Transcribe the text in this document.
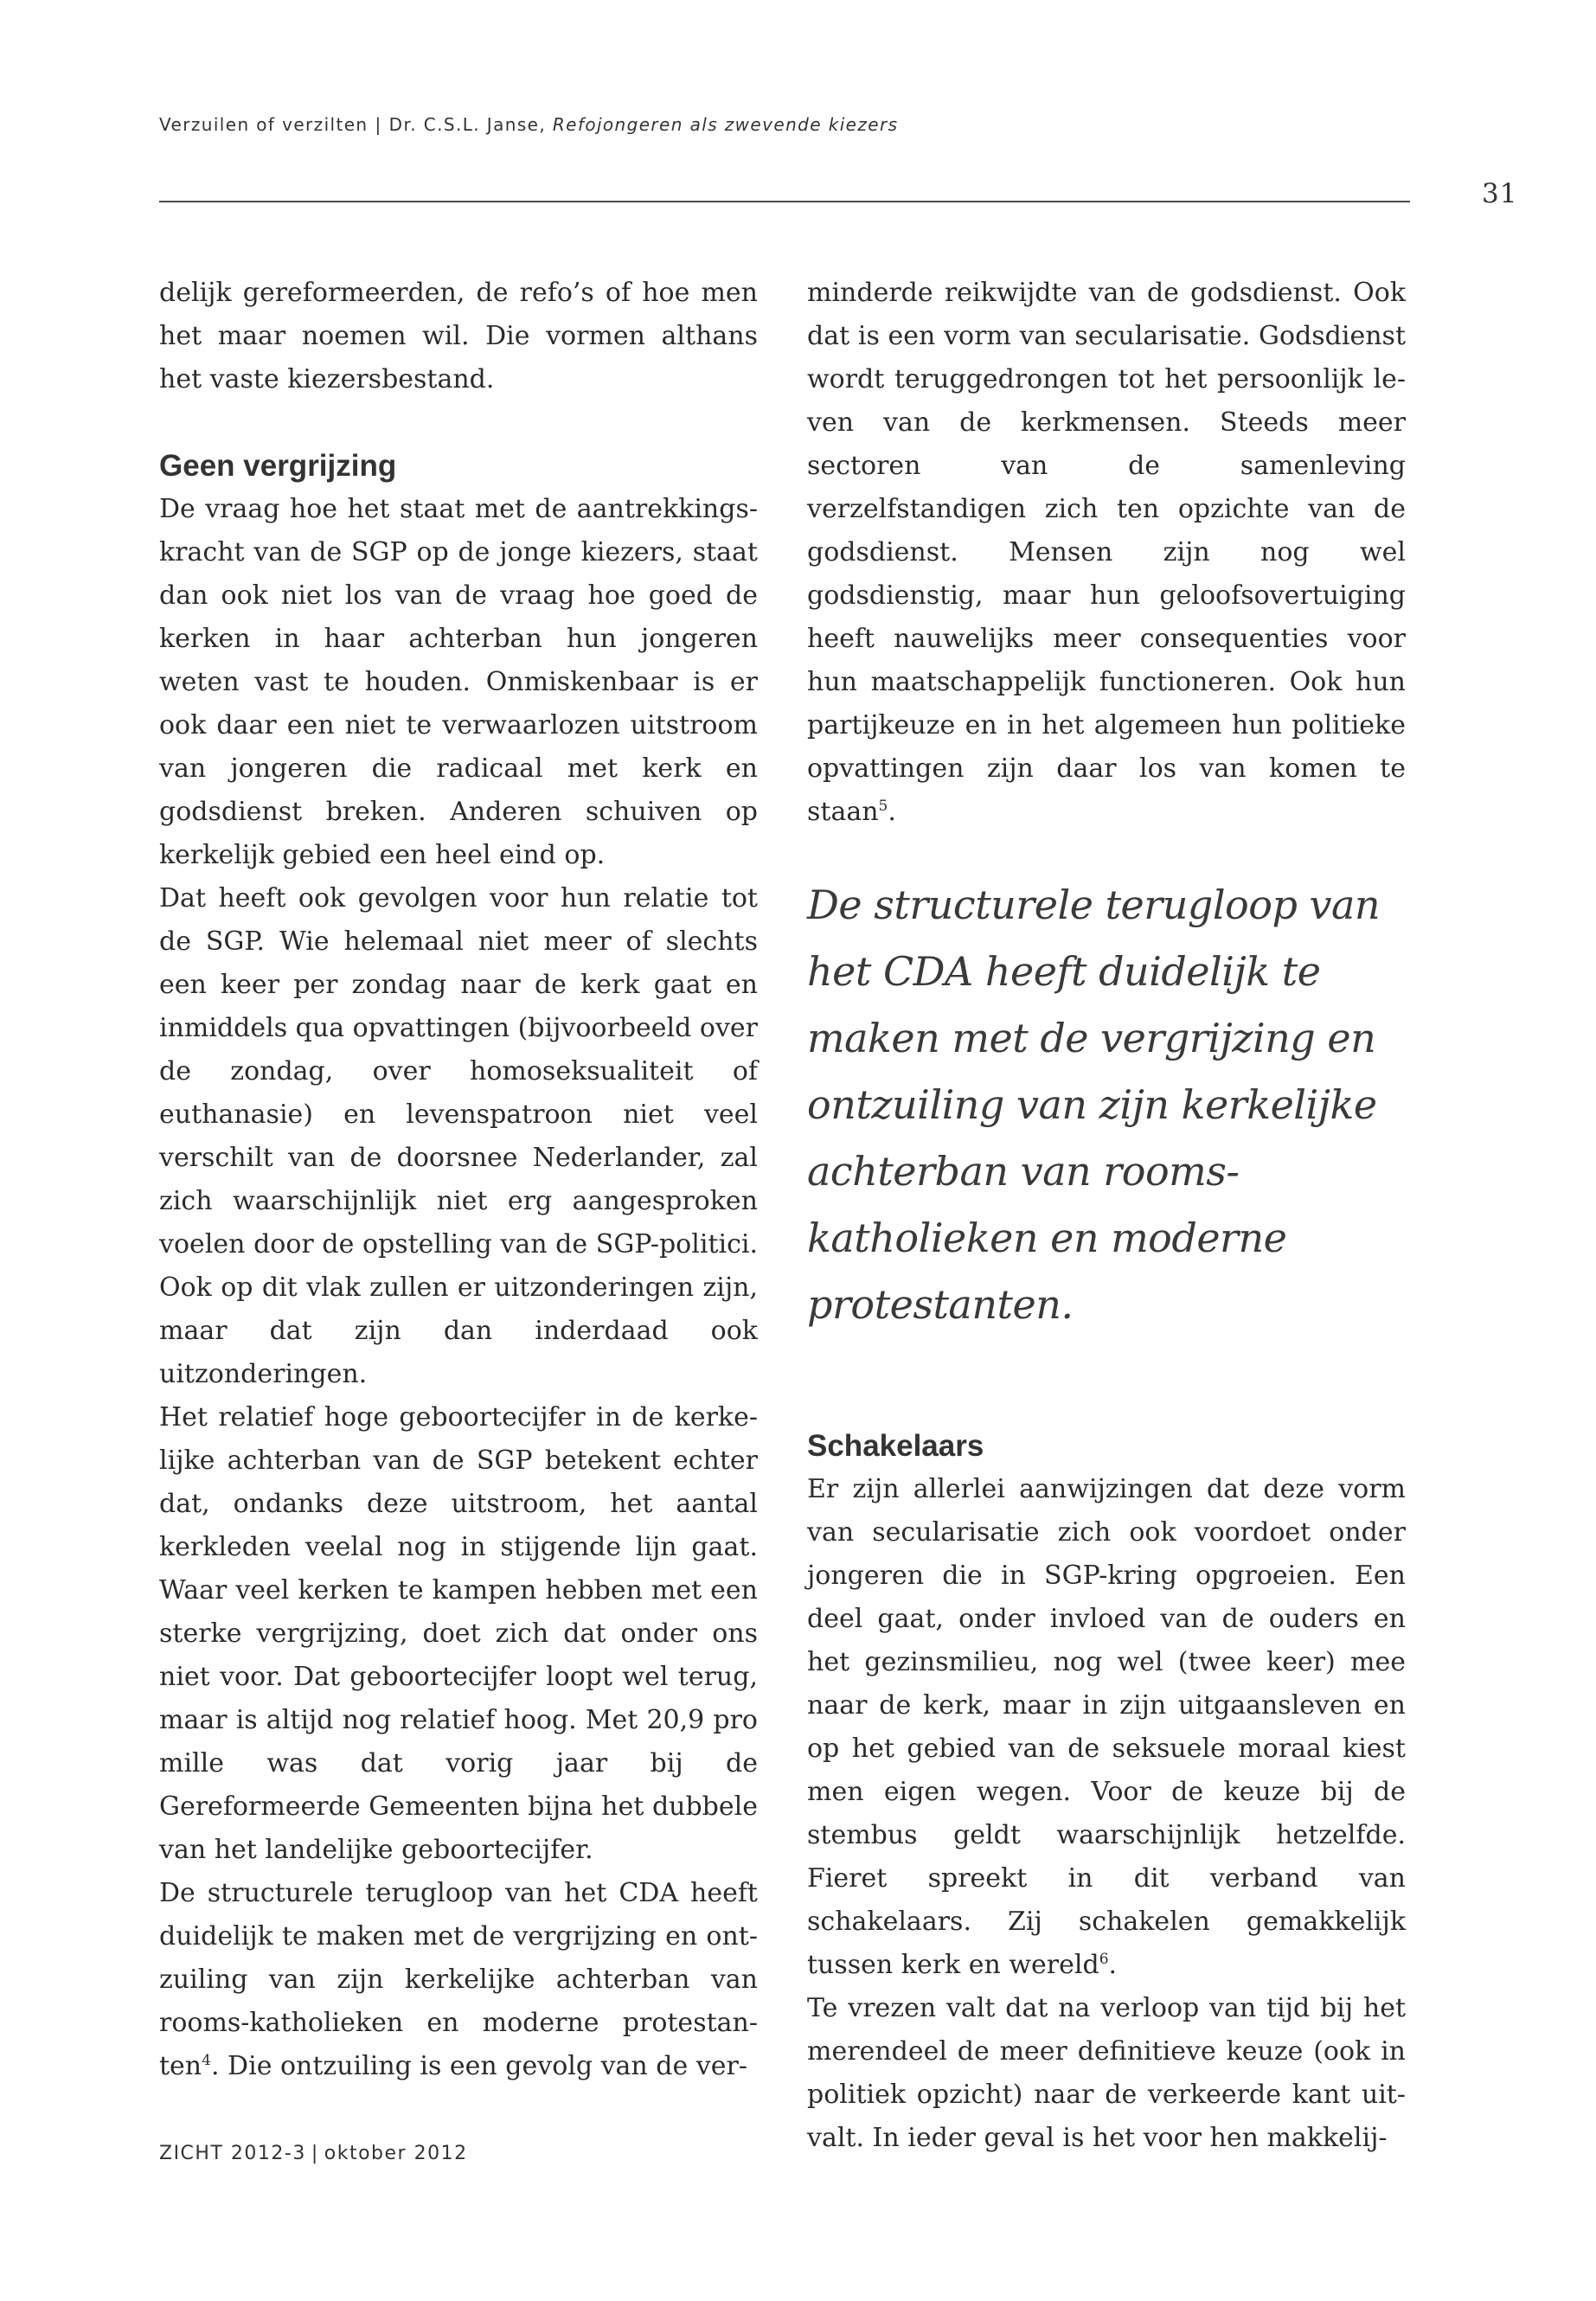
Verzuilen of verzilten | Dr. C.S.L. Janse, Refojongeren als zwevende kiezers
31

delijk gereformeerden, de refo’s of hoe men het maar noemen wil. Die vormen althans het vaste kiezersbestand.

Geen vergrijzing

De vraag hoe het staat met de aantrekkingskracht van de SGP op de jonge kiezers, staat dan ook niet los van de vraag hoe goed de kerken in haar achterban hun jongeren weten vast te houden. Onmiskenbaar is er ook daar een niet te verwaarlozen uitstroom van jongeren die radicaal met kerk en godsdienst breken. Anderen schuiven op kerkelijk gebied een heel eind op.

Dat heeft ook gevolgen voor hun relatie tot de SGP. Wie helemaal niet meer of slechts een keer per zondag naar de kerk gaat en inmiddels qua opvattingen (bijvoorbeeld over de zondag, over homoseksualiteit of euthanasie) en levenspatroon niet veel verschilt van de doorsnee Nederlander, zal zich waarschijnlijk niet erg aangesproken voelen door de opstelling van de SGP-politici. Ook op dit vlak zullen er uitzonderingen zijn, maar dat zijn dan inderdaad ook uitzonderingen.

Het relatief hoge geboortecijfer in de kerkelijke achterban van de SGP betekent echter dat, ondanks deze uitstroom, het aantal kerkleden veelal nog in stijgende lijn gaat. Waar veel kerken te kampen hebben met een sterke vergrijzing, doet zich dat onder ons niet voor. Dat geboortecijfer loopt wel terug, maar is altijd nog relatief hoog. Met 20,9 pro mille was dat vorig jaar bij de Gereformeerde Gemeenten bijna het dubbele van het landelijke geboortecijfer.

De structurele terugloop van het CDA heeft duidelijk te maken met de vergrijzing en ontzuiling van zijn kerkelijke achterban van rooms-katholieken en moderne protestanten$^4$. Die ontzuiling is een gevolg van de ver-

minderde reikwijdte van de godsdienst. Ook dat is een vorm van secularisatie. Godsdienst wordt teruggedrongen tot het persoonlijk leven van de kerkmensen. Steeds meer sectoren van de samenleving verzelfstandigen zich ten opzichte van de godsdienst. Mensen zijn nog wel godsdienstig, maar hun geloofsovertuiging heeft nauwelijks meer consequenties voor hun maatschappelijk functioneren. Ook hun partijkeuze en in het algemeen hun politieke opvattingen zijn daar los van komen te staan$^5$.

De structurele terugloop van het CDA heeft duidelijk te maken met de vergrijzing en ontzuiling van zijn kerkelijke achterban van rooms-katholieken en moderne protestanten.
Schakelaars

Er zijn allerlei aanwijzingen dat deze vorm van secularisatie zich ook voordoet onder jongeren die in SGP-kring opgroeien. Een deel gaat, onder invloed van de ouders en het gezinsmilieu, nog wel (twee keer) mee naar de kerk, maar in zijn uitgaansleven en op het gebied van de seksuele moraal kiest men eigen wegen. Voor de keuze bij de stembus geldt waarschijnlijk hetzelfde. Fieret spreekt in dit verband van schakelaars. Zij schakelen gemakkelijk tussen kerk en wereld$^6$.

Te vrezen valt dat na verloop van tijd bij het merendeel de meer definitieve keuze (ook in politiek opzicht) naar de verkeerde kant uitvalt. In ieder geval is het voor hen makkelij-

ZICHT 2012-3 | oktober 2012
